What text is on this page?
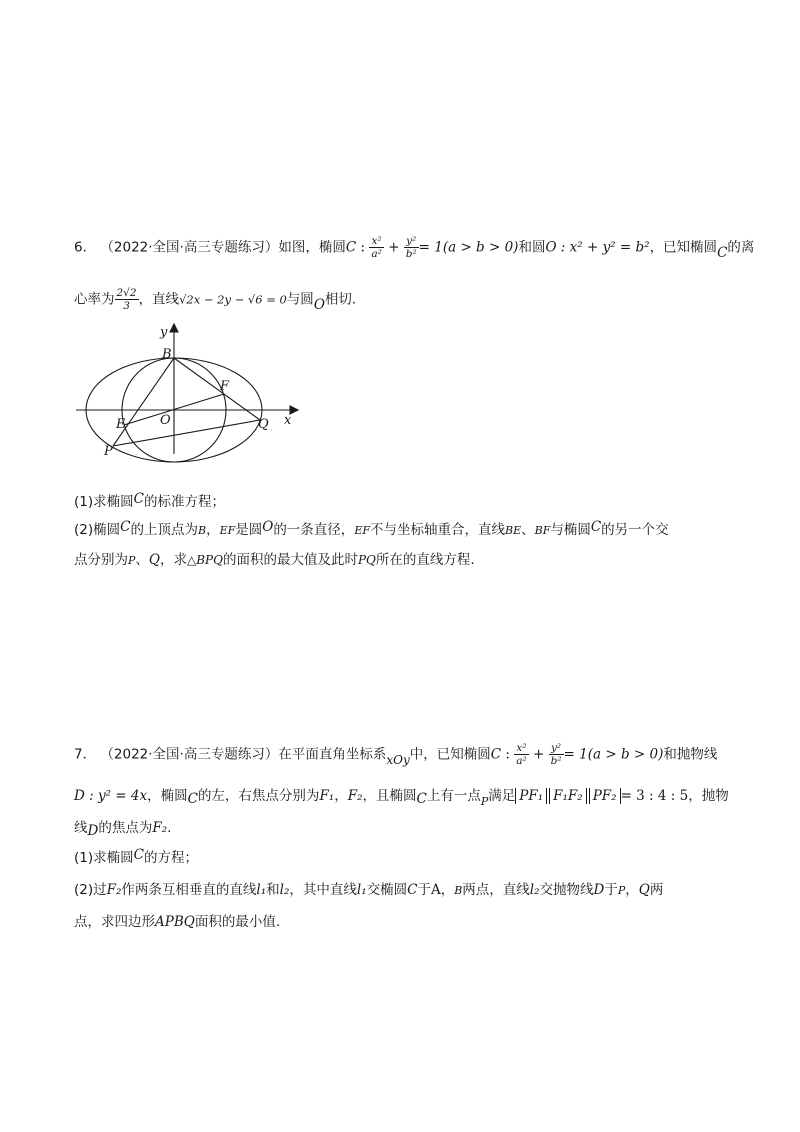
6． （2022·全国·高三专题练习）如图，椭圆C : $\frac{\text{x²}}{\text{a²}} + \frac{\text{y²}}{\text{b²}} = 1(a > b > 0)$和圆O : x² + y² = b²，已知椭圆C的离
心率为 $\frac{2√2}{3}$ ，直线√2x − 2y − √6 = 0与圆O相切.
y
x
B
F
O
E	Q
P
(1)求椭圆C的标准方程；
(2)椭圆C的上顶点为B，EF是圆O的一条直径，EF不与坐标轴重合，直线BE、BF与椭圆C的另一个交
点分别为P、Q，求△BPQ的面积的最大值及此时PQ所在的直线方程.
7． （2022·全国·高三专题练习）在平面直角坐标系xOy中，已知椭圆C : $\frac{\text{x²}}{\text{a²}} + \frac{\text{y²}}{\text{b²}} = 1(a > b > 0)$和抛物线
D : y² = 4x，椭圆C的左，右焦点分别为F₁，F₂，且椭圆C上有一点$_P$满足 PF₁ F₁F₂ PF₂ = 3 : 4 : 5，抛物
线D的焦点为F₂.
(1)求椭圆C的方程；
(2)过F₂作两条互相垂直的直线l₁和l₂，其中直线l₁交椭圆C于A，B两点，直线l₂交抛物线D于P，Q两
点，求四边形APBQ面积的最小值.
